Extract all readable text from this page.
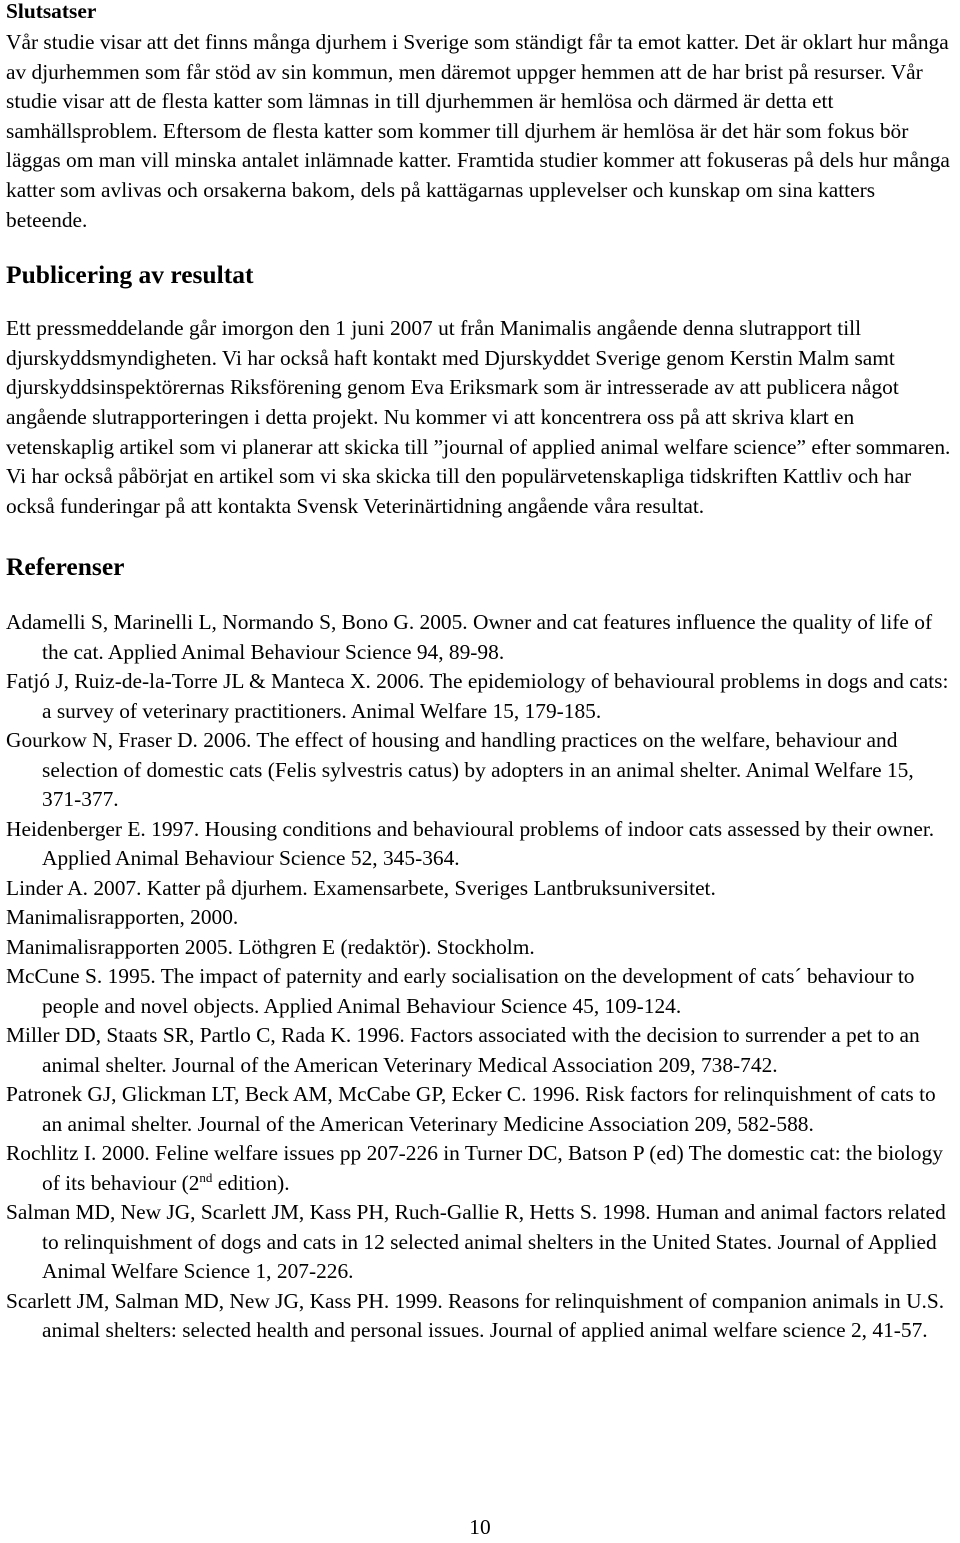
Slutsatser

Vår studie visar att det finns många djurhem i Sverige som ständigt får ta emot katter. Det är oklart hur många av djurhemmen som får stöd av sin kommun, men däremot uppger hemmen att de har brist på resurser. Vår studie visar att de flesta katter som lämnas in till djurhemmen är hemlösa och därmed är detta ett samhällsproblem. Eftersom de flesta katter som kommer till djurhem är hemlösa är det här som fokus bör läggas om man vill minska antalet inlämnade katter. Framtida studier kommer att fokuseras på dels hur många katter som avlivas och orsakerna bakom, dels på kattägarnas upplevelser och kunskap om sina katters beteende.

Publicering av resultat

Ett pressmeddelande går imorgon den 1 juni 2007 ut från Manimalis angående denna slutrapport till djurskyddsmyndigheten. Vi har också haft kontakt med Djurskyddet Sverige genom Kerstin Malm samt djurskyddsinspektörernas Riksförening genom Eva Eriksmark som är intresserade av att publicera något angående slutrapporteringen i detta projekt. Nu kommer vi att koncentrera oss på att skriva klart en vetenskaplig artikel som vi planerar att skicka till ”journal of applied animal welfare science” efter sommaren. Vi har också påbörjat en artikel som vi ska skicka till den populärvetenskapliga tidskriften Kattliv och har också funderingar på att kontakta Svensk Veterinärtidning angående våra resultat.

Referenser

Adamelli S, Marinelli L, Normando S, Bono G. 2005. Owner and cat features influence the quality of life of the cat. Applied Animal Behaviour Science 94, 89-98.

Fatjó J, Ruiz-de-la-Torre JL & Manteca X. 2006. The epidemiology of behavioural problems in dogs and cats: a survey of veterinary practitioners. Animal Welfare 15, 179-185.

Gourkow N, Fraser D. 2006. The effect of housing and handling practices on the welfare, behaviour and selection of domestic cats (Felis sylvestris catus) by adopters in an animal shelter. Animal Welfare 15, 371-377.

Heidenberger E. 1997. Housing conditions and behavioural problems of indoor cats assessed by their owner. Applied Animal Behaviour Science 52, 345-364.

Linder A. 2007. Katter på djurhem. Examensarbete, Sveriges Lantbruksuniversitet.

Manimalisrapporten, 2000.

Manimalisrapporten 2005. Löthgren E (redaktör). Stockholm.

McCune S. 1995. The impact of paternity and early socialisation on the development of cats´ behaviour to people and novel objects. Applied Animal Behaviour Science 45, 109-124.

Miller DD, Staats SR, Partlo C, Rada K. 1996. Factors associated with the decision to surrender a pet to an animal shelter. Journal of the American Veterinary Medical Association 209, 738-742.

Patronek GJ, Glickman LT, Beck AM, McCabe GP, Ecker C. 1996. Risk factors for relinquishment of cats to an animal shelter. Journal of the American Veterinary Medicine Association 209, 582-588.

Rochlitz I. 2000. Feline welfare issues pp 207-226 in Turner DC, Batson P (ed) The domestic cat: the biology of its behaviour (2nd edition).

Salman MD, New JG, Scarlett JM, Kass PH, Ruch-Gallie R, Hetts S. 1998. Human and animal factors related to relinquishment of dogs and cats in 12 selected animal shelters in the United States. Journal of Applied Animal Welfare Science 1, 207-226.

Scarlett JM, Salman MD, New JG, Kass PH. 1999. Reasons for relinquishment of companion animals in U.S. animal shelters: selected health and personal issues. Journal of applied animal welfare science 2, 41-57.

10
